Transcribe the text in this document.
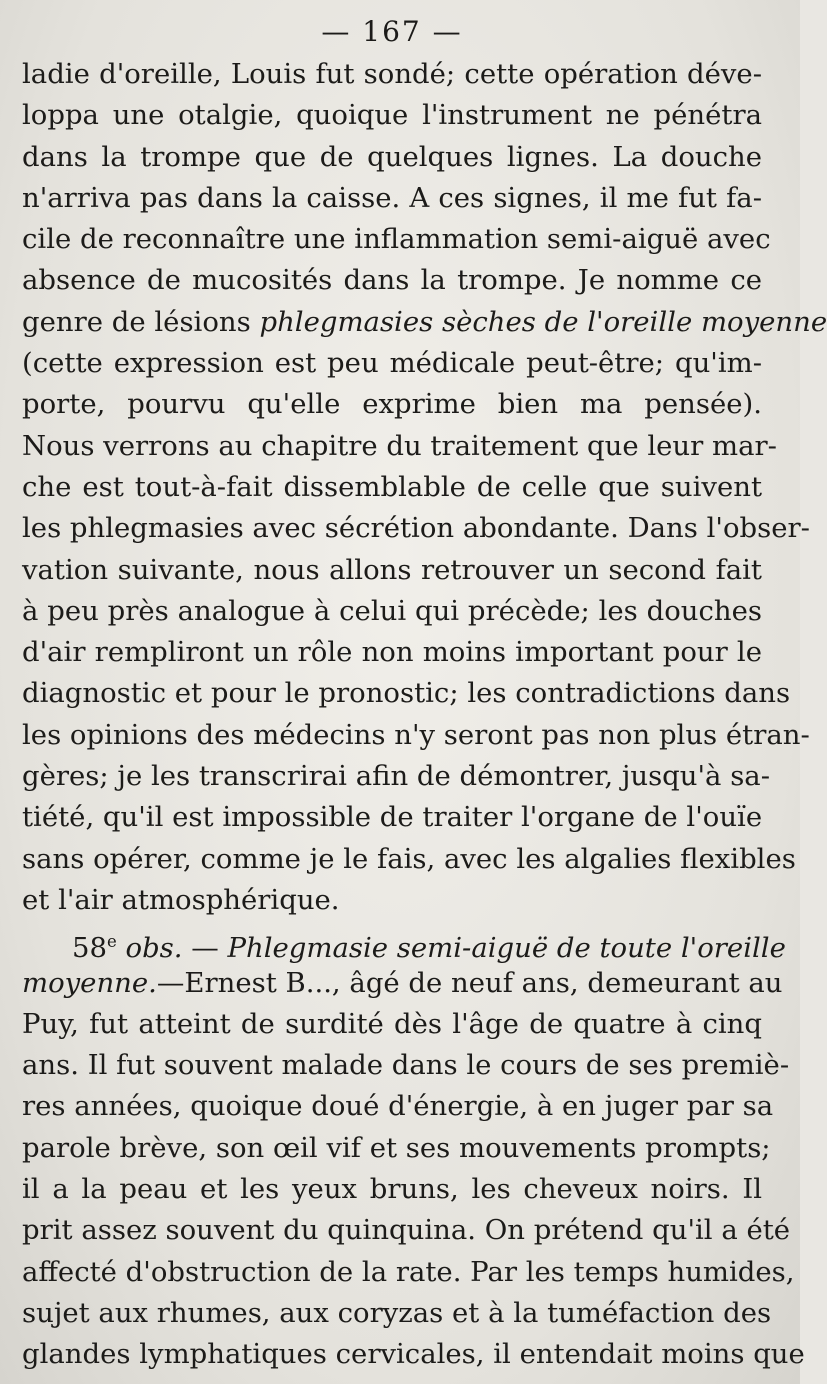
— 167 —
ladie d'oreille, Louis fut sondé; cette opération déve-
loppa une otalgie, quoique l'instrument ne pénétra
dans la trompe que de quelques lignes. La douche
n'arriva pas dans la caisse. A ces signes, il me fut fa-
cile de reconnaître une inflammation semi-aiguë avec
absence de mucosités dans la trompe. Je nomme ce
genre de lésions phlegmasies sèches de l'oreille moyenne
(cette expression est peu médicale peut-être; qu'im-
porte, pourvu qu'elle exprime bien ma pensée).
Nous verrons au chapitre du traitement que leur mar-
che est tout-à-fait dissemblable de celle que suivent
les phlegmasies avec sécrétion abondante. Dans l'obser-
vation suivante, nous allons retrouver un second fait
à peu près analogue à celui qui précède; les douches
d'air rempliront un rôle non moins important pour le
diagnostic et pour le pronostic; les contradictions dans
les opinions des médecins n'y seront pas non plus étran-
gères; je les transcrirai afin de démontrer, jusqu'à sa-
tiété, qu'il est impossible de traiter l'organe de l'ouïe
sans opérer, comme je le fais, avec les algalies flexibles
et l'air atmosphérique.
58e obs. — Phlegmasie semi-aiguë de toute l'oreille
moyenne.—Ernest B..., âgé de neuf ans, demeurant au
Puy, fut atteint de surdité dès l'âge de quatre à cinq
ans. Il fut souvent malade dans le cours de ses premiè-
res années, quoique doué d'énergie, à en juger par sa
parole brève, son œil vif et ses mouvements prompts;
il a la peau et les yeux bruns, les cheveux noirs. Il
prit assez souvent du quinquina. On prétend qu'il a été
affecté d'obstruction de la rate. Par les temps humides,
sujet aux rhumes, aux coryzas et à la tuméfaction des
glandes lymphatiques cervicales, il entendait moins que
